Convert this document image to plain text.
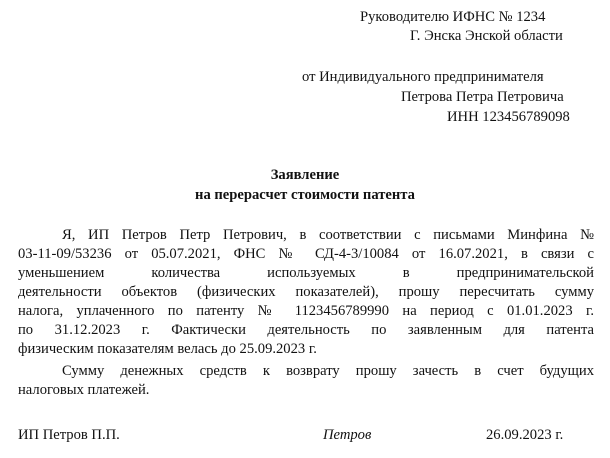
Руководителю ИФНС № 1234
Г. Энска Энской области
от Индивидуального предпринимателя
Петрова Петра Петровича
ИНН 123456789098
Заявление
на перерасчет стоимости патента
Я, ИП Петров Петр Петрович, в соответствии с письмами Минфина №
03-11-09/53236 от 05.07.2021, ФНС № СД-4-3/10084 от 16.07.2021, в связи с
уменьшением количества используемых в предпринимательской
деятельности объектов (физических показателей), прошу пересчитать сумму
налога, уплаченного по патенту № 1123456789990 на период с 01.01.2023 г.
по 31.12.2023 г. Фактически деятельность по заявленным для патента
физическим показателям велась до 25.09.2023 г.
Сумму денежных средств к возврату прошу зачесть в счет будущих
налоговых платежей.
ИП Петров П.П.	Петров	26.09.2023 г.
